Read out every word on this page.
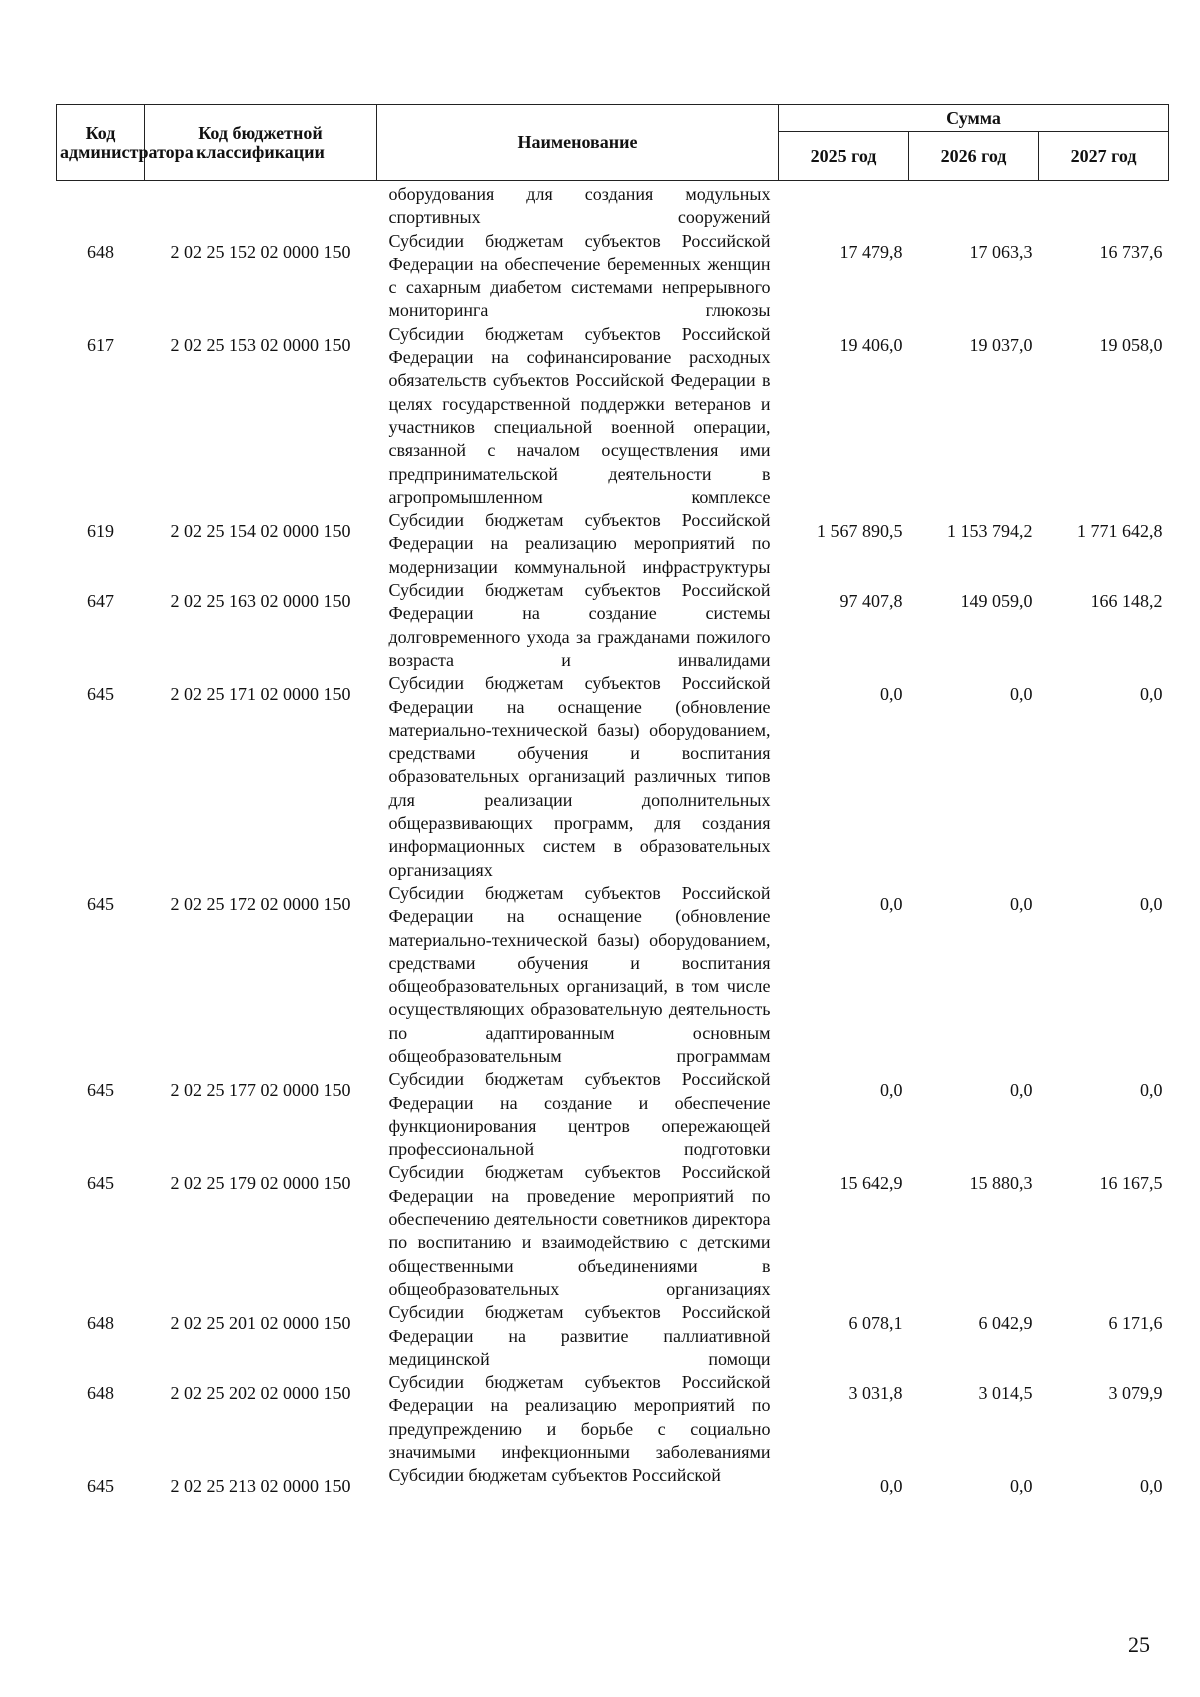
Код администратора	Код бюджетной классификации	Наименование	Сумма		
			2025 год	2026 год	2027 год
		оборудования для создания модульных спортивных сооружений			
648	2 02 25 152 02 0000 150	Субсидии бюджетам субъектов Российской Федерации на обеспечение беременных женщин с сахарным диабетом системами непрерывного мониторинга глюкозы	17 479,8	17 063,3	16 737,6
617	2 02 25 153 02 0000 150	Субсидии бюджетам субъектов Российской Федерации на софинансирование расходных обязательств субъектов Российской Федерации в целях государственной поддержки ветеранов и участников специальной военной операции, связанной с началом осуществления ими предпринимательской деятельности в агропромышленном комплексе	19 406,0	19 037,0	19 058,0
619	2 02 25 154 02 0000 150	Субсидии бюджетам субъектов Российской Федерации на реализацию мероприятий по модернизации коммунальной инфраструктуры	1 567 890,5	1 153 794,2	1 771 642,8
647	2 02 25 163 02 0000 150	Субсидии бюджетам субъектов Российской Федерации на создание системы долговременного ухода за гражданами пожилого возраста и инвалидами	97 407,8	149 059,0	166 148,2
645	2 02 25 171 02 0000 150	Субсидии бюджетам субъектов Российской Федерации на оснащение (обновление материально-технической базы) оборудованием, средствами обучения и воспитания образовательных организаций различных типов для реализации дополнительных общеразвивающих программ, для создания информационных систем в образовательных организациях	0,0	0,0	0,0
645	2 02 25 172 02 0000 150	Субсидии бюджетам субъектов Российской Федерации на оснащение (обновление материально-технической базы) оборудованием, средствами обучения и воспитания общеобразовательных организаций, в том числе осуществляющих образовательную деятельность по адаптированным основным общеобразовательным программам	0,0	0,0	0,0
645	2 02 25 177 02 0000 150	Субсидии бюджетам субъектов Российской Федерации на создание и обеспечение функционирования центров опережающей профессиональной подготовки	0,0	0,0	0,0
645	2 02 25 179 02 0000 150	Субсидии бюджетам субъектов Российской Федерации на проведение мероприятий по обеспечению деятельности советников директора по воспитанию и взаимодействию с детскими общественными объединениями в общеобразовательных организациях	15 642,9	15 880,3	16 167,5
648	2 02 25 201 02 0000 150	Субсидии бюджетам субъектов Российской Федерации на развитие паллиативной медицинской помощи	6 078,1	6 042,9	6 171,6
648	2 02 25 202 02 0000 150	Субсидии бюджетам субъектов Российской Федерации на реализацию мероприятий по предупреждению и борьбе с социально значимыми инфекционными заболеваниями	3 031,8	3 014,5	3 079,9
645	2 02 25 213 02 0000 150	Субсидии бюджетам субъектов Российской	0,0	0,0	0,0
25
